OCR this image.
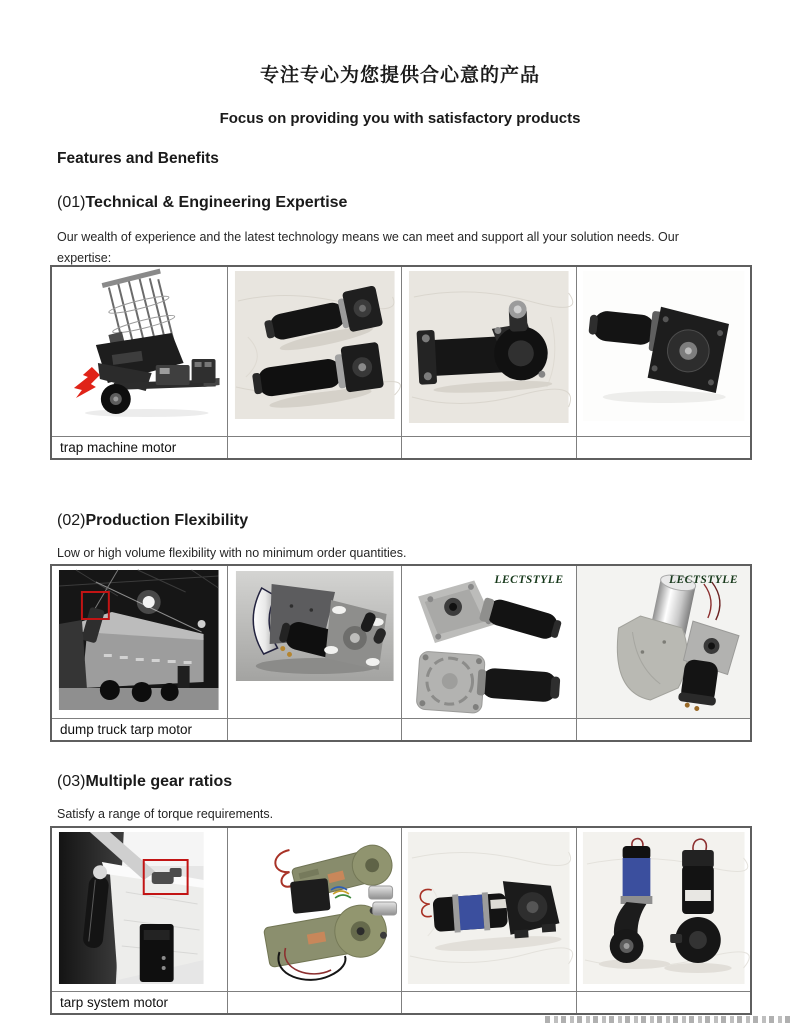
专注专心为您提供合心意的产品
Focus on providing you with satisfactory products
Features and Benefits
(01)Technical & Engineering Expertise
Our wealth of experience and the latest technology means we can meet and support all your solution needs. Our
expertise:
trap machine motor
(02)Production Flexibility
Low or high volume flexibility with no minimum order quantities.
LECTSTYLE	LECTSTYLE
dump truck tarp motor
(03)Multiple gear ratios
Satisfy a range of torque requirements.
tarp system motor
